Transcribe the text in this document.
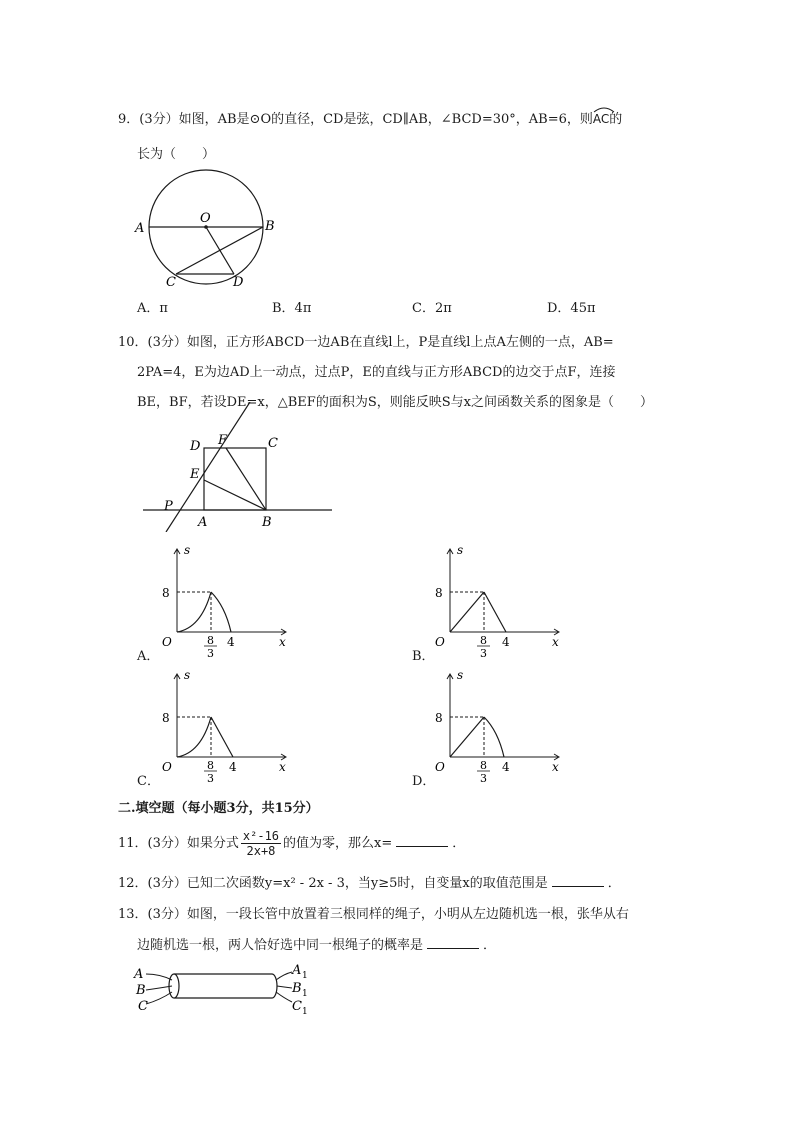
9．(3分）如图，AB是⊙O的直径，CD是弦，CD∥AB，∠BCD=30°，AB=6，则
AC的
长为（　　）
A	B
O
C	D
A．π	B．4π	C．2π	D．45π
10．(3分）如图，正方形ABCD一边AB在直线l上，P是直线l上点A左侧的一点，AB=
2PA=4，E为边AD上一动点，过点P，E的直线与正方形ABCD的边交于点F，连接
BE，BF，若设DE=x，△BEF的面积为S，则能反映S与x之间函数关系的图象是（　　）
D F	C
E
P
A	B
s
8
O	8
3
4	x
A．
s
8
O	8
3
4	x
B．
s
8
O	8
3
4	x
C．
s
8
O	8
3
4	x
D．
二.填空题（每小题3分，共15分）
11．(3分）如果分式 $\frac{\text{x²-16}}{2x+8}$ 的值为零，那么x=	．
12．(3分）已知二次函数y=x² - 2x - 3，当y≥5时，自变量x的取值范围是	．
13．(3分）如图，一段长管中放置着三根同样的绳子，小明从左边随机选一根，张华从右
边随机选一根，两人恰好选中同一根绳子的概率是	．
A
B
C
A 1
B 1
C 1
